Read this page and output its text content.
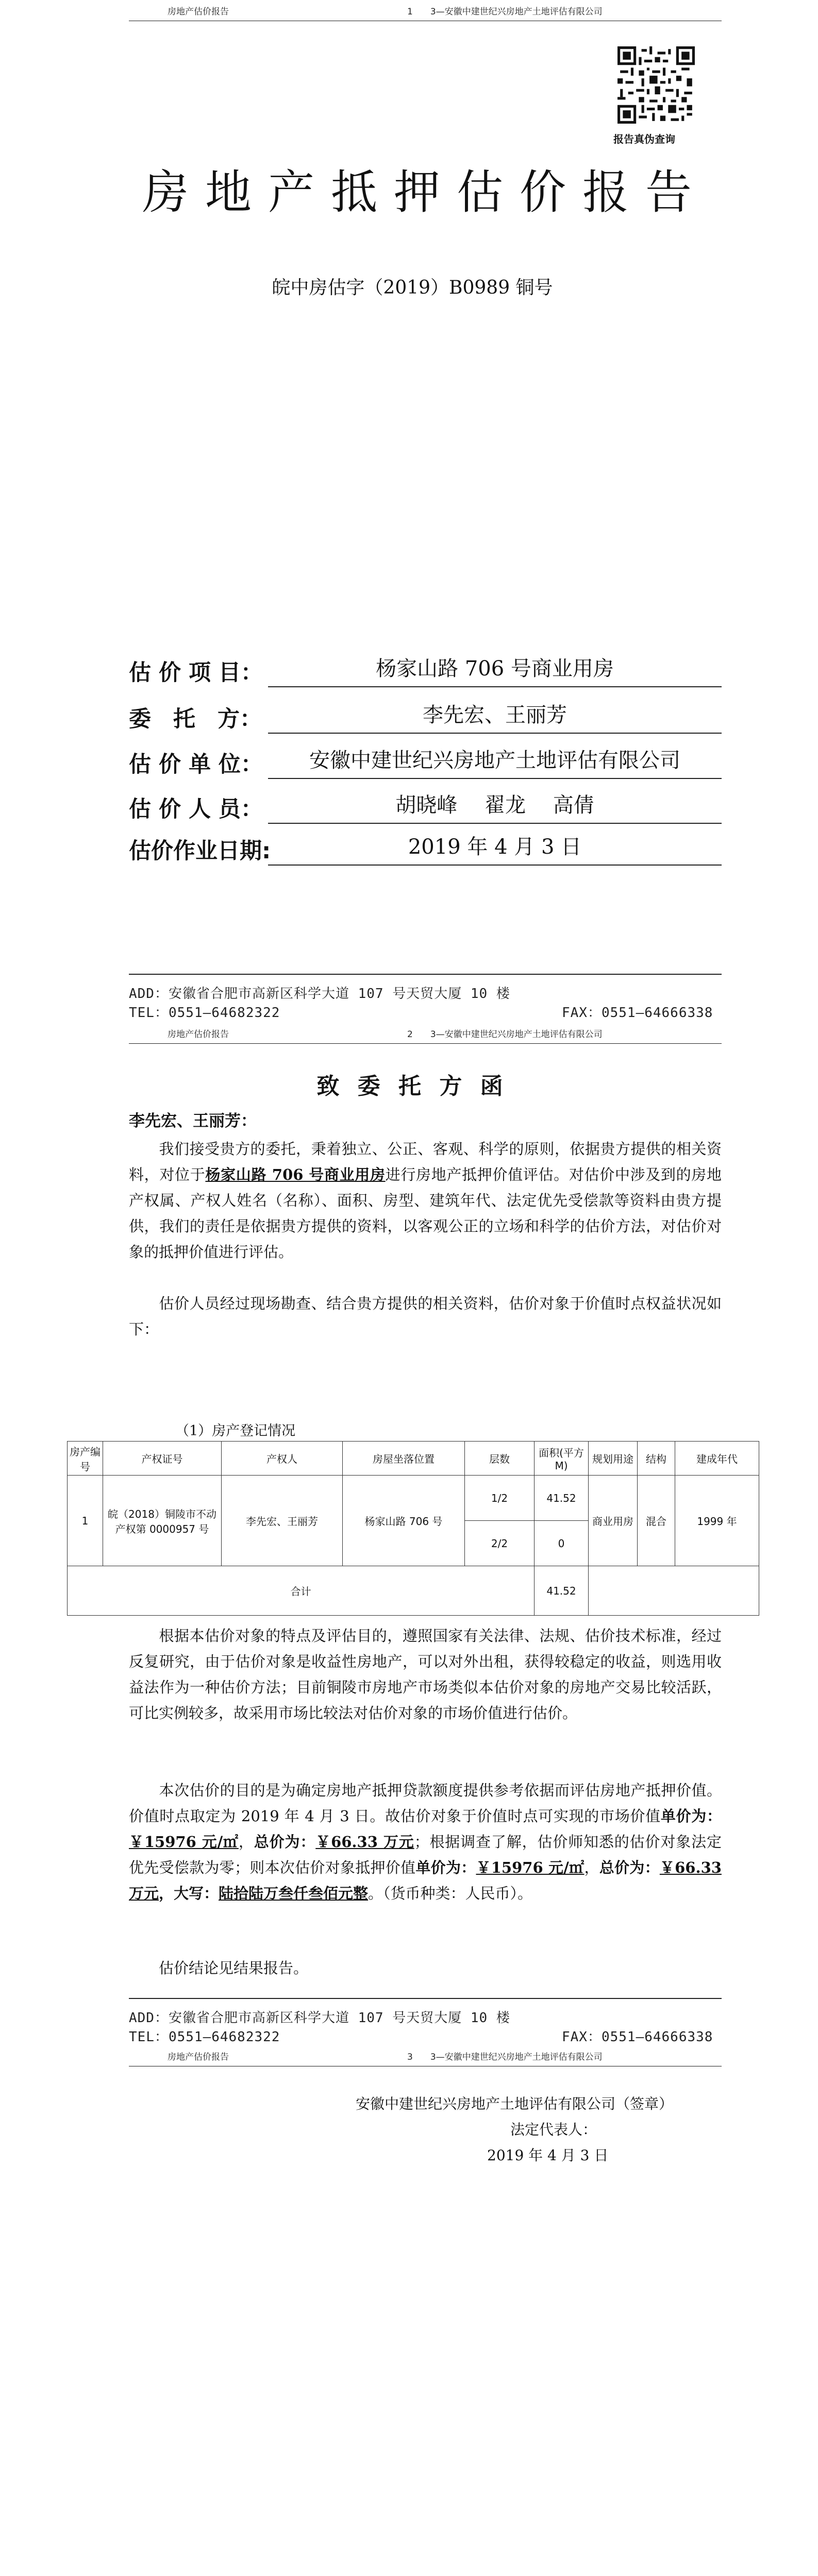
房地产估价报告	1　　3—安徽中建世纪兴房地产土地评估有限公司
报告真伪查询
房地产抵押估价报告
皖中房估字（2019）B0989 铜号
估 价 项 目：	杨家山路 706 号商业用房
委　托　方：	李先宏、王丽芳
估 价 单 位：	安徽中建世纪兴房地产土地评估有限公司
估 价 人 员：	胡晓峰　 翟龙　 高倩
估价作业日期:	2019 年 4 月 3 日
ADD：安徽省合肥市高新区科学大道 107 号天贸大厦 10 楼
TEL：0551—64682322	FAX：0551—64666338
房地产估价报告	2　　3—安徽中建世纪兴房地产土地评估有限公司
致 委 托 方 函
李先宏、王丽芳：
我们接受贵方的委托，秉着独立、公正、客观、科学的原则，依据贵方提供的相关资料，对位于杨家山路 706 号商业用房进行房地产抵押价值评估。对估价中涉及到的房地产权属、产权人姓名（名称）、面积、房型、建筑年代、法定优先受偿款等资料由贵方提供，我们的责任是依据贵方提供的资料，以客观公正的立场和科学的估价方法，对估价对象的抵押价值进行评估。
估价人员经过现场勘查、结合贵方提供的相关资料，估价对象于价值时点权益状况如下：
（1）房产登记情况
房产编号	产权证号	产权人	房屋坐落位置	层数	面积(平方M)	规划用途	结构	建成年代
1	皖（2018）铜陵市不动产权第 0000957 号	李先宏、王丽芳	杨家山路 706 号	1/2	41.52	商业用房	混合	1999 年
				2/2	0			
合计					41.52			
根据本估价对象的特点及评估目的，遵照国家有关法律、法规、估价技术标准，经过反复研究，由于估价对象是收益性房地产，可以对外出租，获得较稳定的收益，则选用收益法作为一种估价方法；目前铜陵市房地产市场类似本估价对象的房地产交易比较活跃，可比实例较多，故采用市场比较法对估价对象的市场价值进行估价。
本次估价的目的是为确定房地产抵押贷款额度提供参考依据而评估房地产抵押价值。价值时点取定为 2019 年 4 月 3 日。故估价对象于价值时点可实现的市场价值单价为：￥15976 元/㎡，总价为：￥66.33 万元；根据调查了解，估价师知悉的估价对象法定优先受偿款为零；则本次估价对象抵押价值单价为：￥15976 元/㎡，总价为：￥66.33 万元，大写：陆拾陆万叁仟叁佰元整。（货币种类：人民币）。
估价结论见结果报告。
ADD：安徽省合肥市高新区科学大道 107 号天贸大厦 10 楼
TEL：0551—64682322	FAX：0551—64666338
房地产估价报告	3　　3—安徽中建世纪兴房地产土地评估有限公司
安徽中建世纪兴房地产土地评估有限公司（签章）
法定代表人：
2019 年 4 月 3 日
